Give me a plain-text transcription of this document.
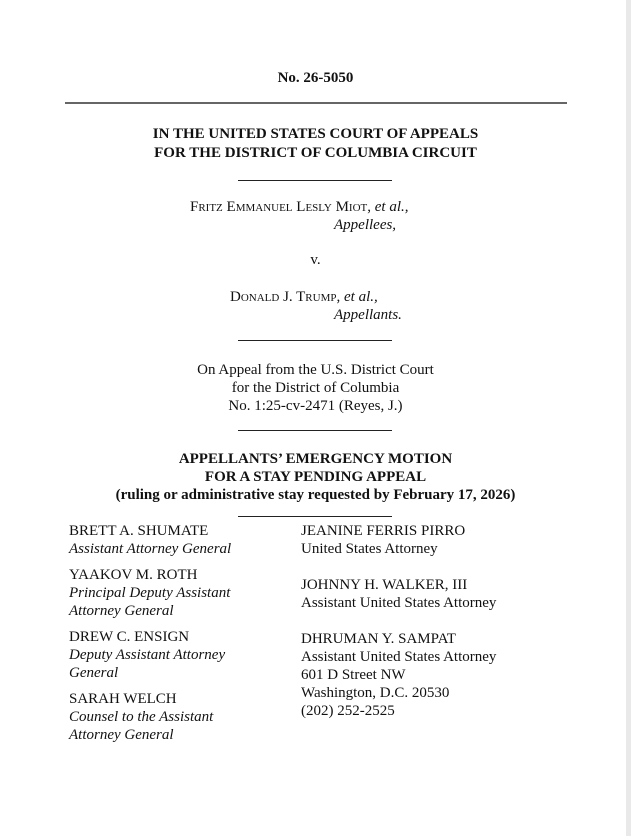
No. 26-5050
IN THE UNITED STATES COURT OF APPEALS
FOR THE DISTRICT OF COLUMBIA CIRCUIT
Fritz Emmanuel Lesly Miot, et al.,
Appellees,
v.
Donald J. Trump, et al.,
Appellants.
On Appeal from the U.S. District Court
for the District of Columbia
No. 1:25-cv-2471 (Reyes, J.)
APPELLANTS’ EMERGENCY MOTION
FOR A STAY PENDING APPEAL
(ruling or administrative stay requested by February 17, 2026)
BRETT A. SHUMATE
Assistant Attorney General
YAAKOV M. ROTH
Principal Deputy Assistant
Attorney General
DREW C. ENSIGN
Deputy Assistant Attorney
General
SARAH WELCH
Counsel to the Assistant
Attorney General
JEANINE FERRIS PIRRO
United States Attorney
JOHNNY H. WALKER, III
Assistant United States Attorney
DHRUMAN Y. SAMPAT
Assistant United States Attorney
601 D Street NW
Washington, D.C. 20530
(202) 252-2525
